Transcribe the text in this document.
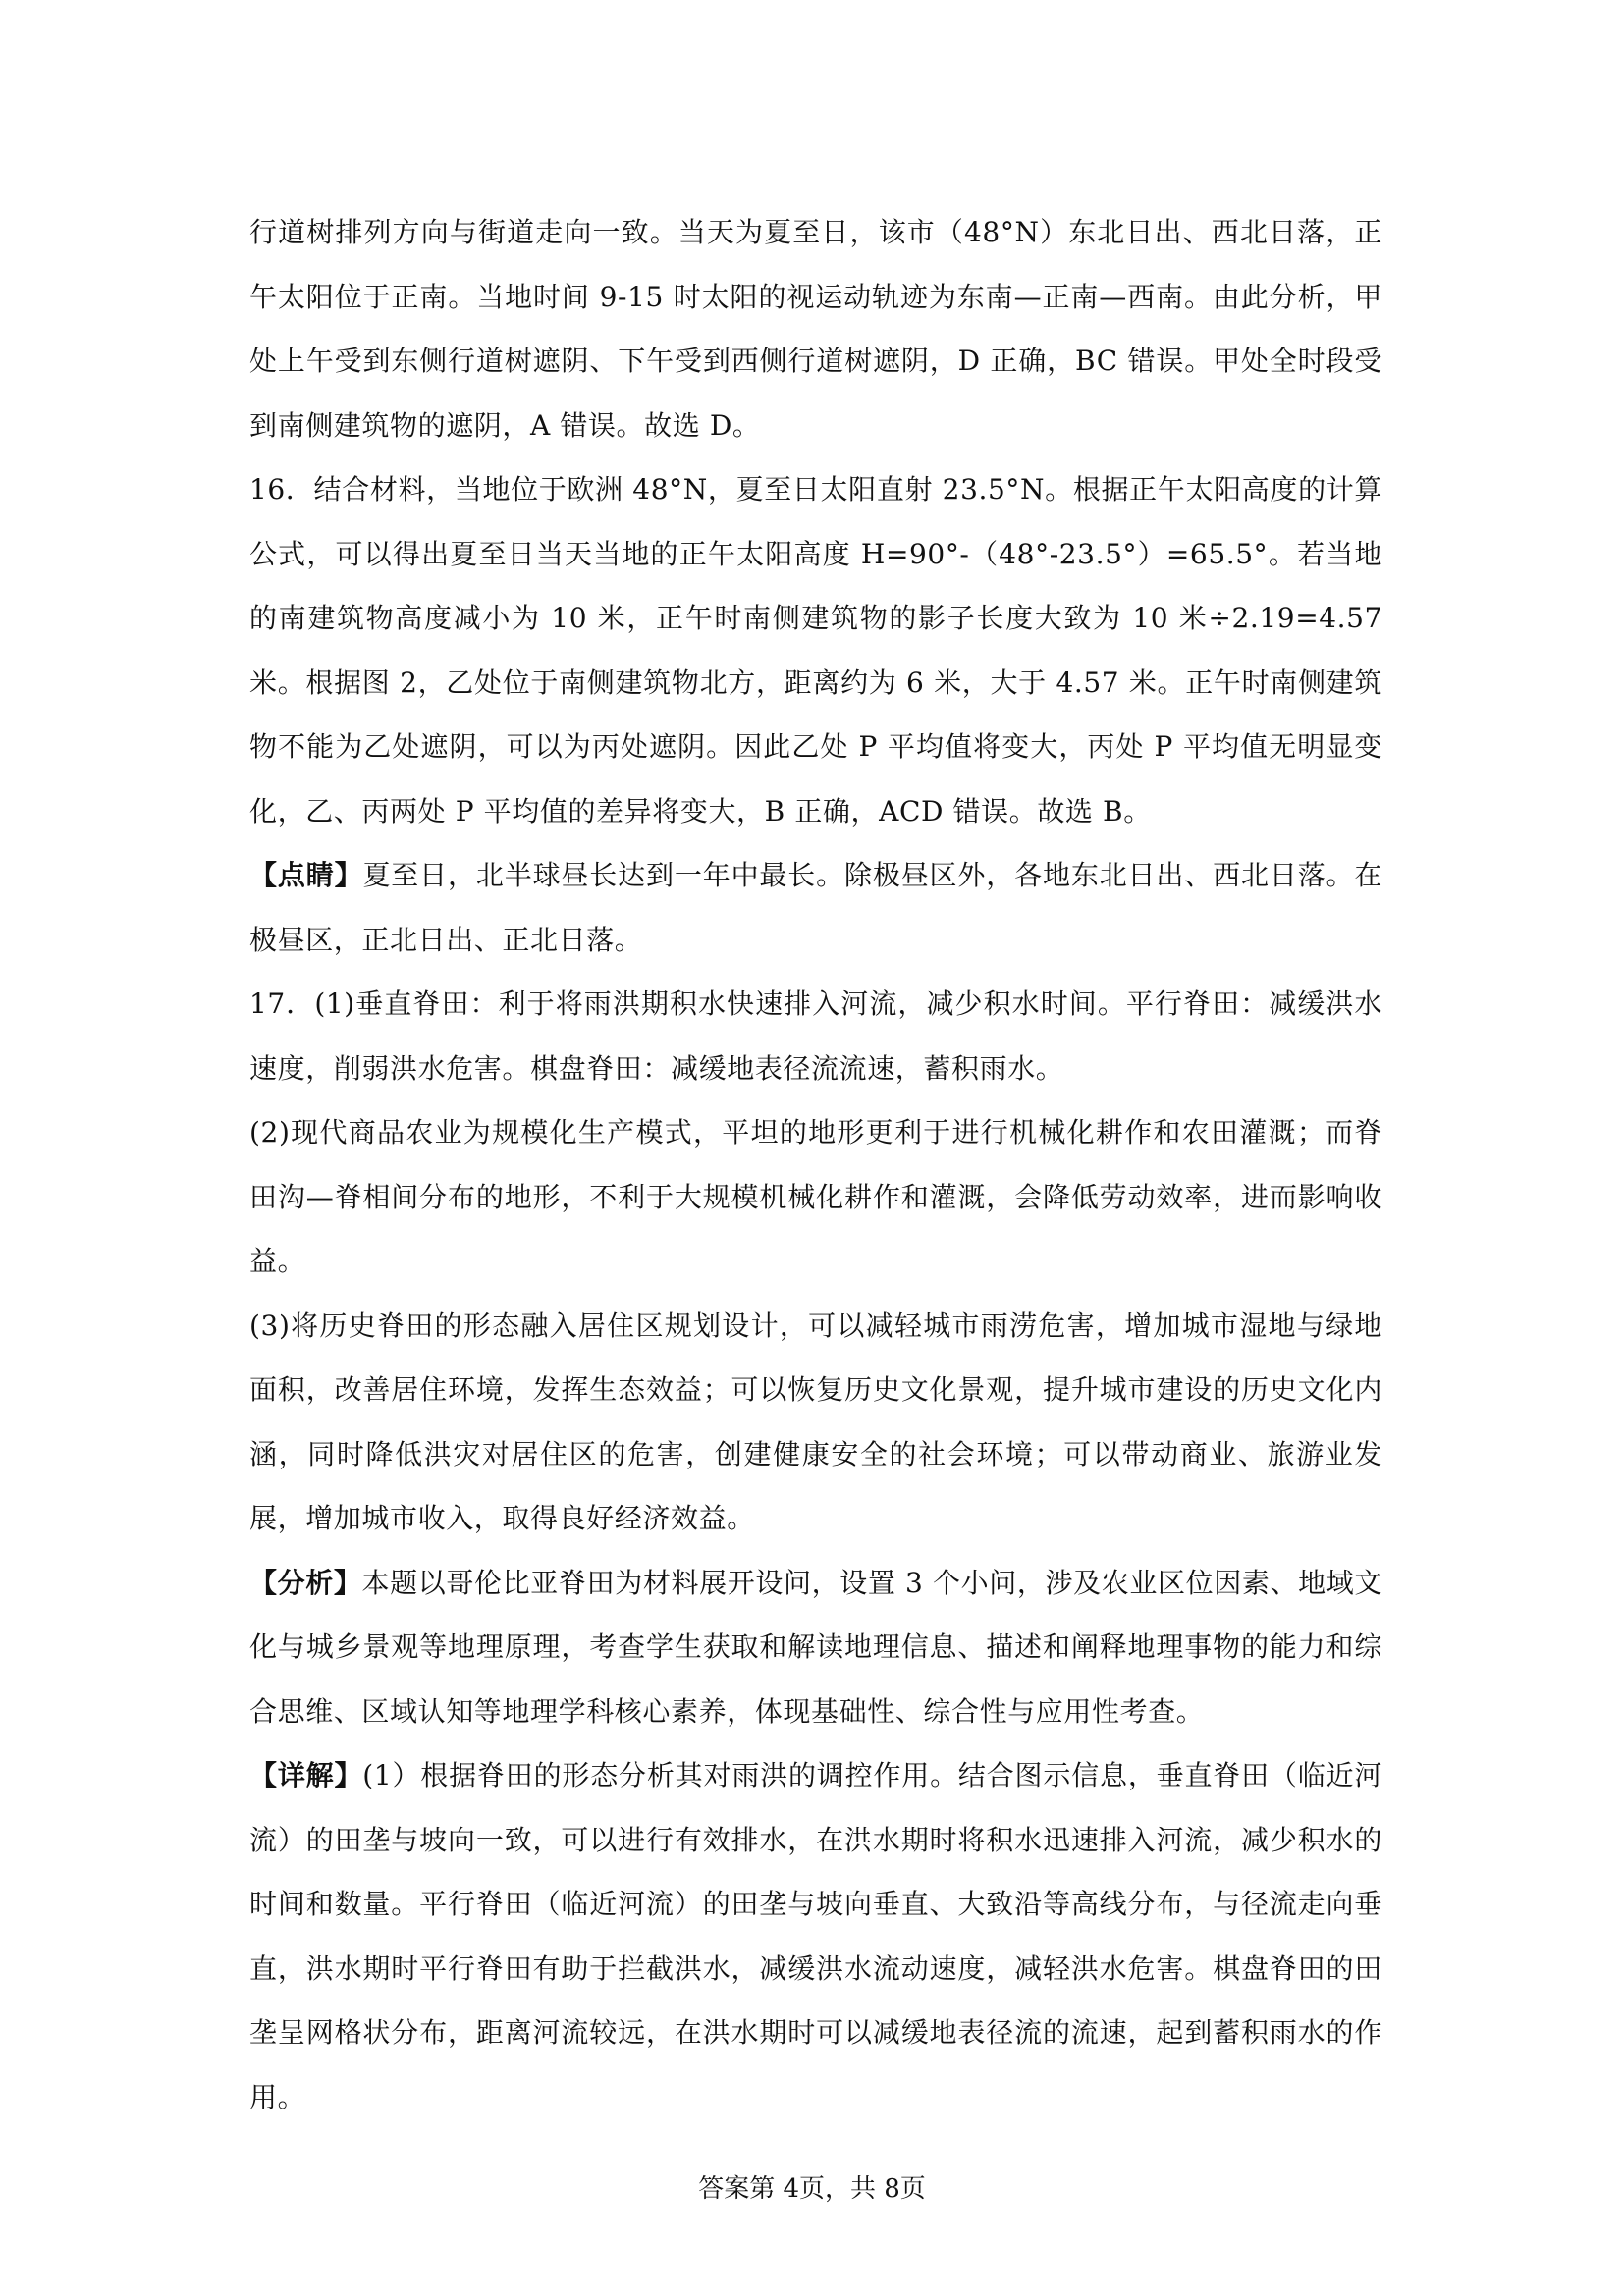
行道树排列方向与街道走向一致。当天为夏至日，该市（48°N）东北日出、西北日落，正午太阳位于正南。当地时间 9-15 时太阳的视运动轨迹为东南—正南—西南。由此分析，甲处上午受到东侧行道树遮阴、下午受到西侧行道树遮阴，D 正确，BC 错误。甲处全时段受到南侧建筑物的遮阴，A 错误。故选 D。

16．结合材料，当地位于欧洲 48°N，夏至日太阳直射 23.5°N。根据正午太阳高度的计算公式，可以得出夏至日当天当地的正午太阳高度 H=90°-（48°-23.5°）=65.5°。若当地的南建筑物高度减小为 10 米，正午时南侧建筑物的影子长度大致为 10 米÷2.19=4.57 米。根据图 2，乙处位于南侧建筑物北方，距离约为 6 米，大于 4.57 米。正午时南侧建筑物不能为乙处遮阴，可以为丙处遮阴。因此乙处 P 平均值将变大，丙处 P 平均值无明显变化，乙、丙两处 P 平均值的差异将变大，B 正确，ACD 错误。故选 B。

【点睛】夏至日，北半球昼长达到一年中最长。除极昼区外，各地东北日出、西北日落。在极昼区，正北日出、正北日落。

17．(1)垂直脊田：利于将雨洪期积水快速排入河流，减少积水时间。平行脊田：减缓洪水速度，削弱洪水危害。棋盘脊田：减缓地表径流流速，蓄积雨水。

(2)现代商品农业为规模化生产模式，平坦的地形更利于进行机械化耕作和农田灌溉；而脊田沟—脊相间分布的地形，不利于大规模机械化耕作和灌溉，会降低劳动效率，进而影响收益。

(3)将历史脊田的形态融入居住区规划设计，可以减轻城市雨涝危害，增加城市湿地与绿地面积，改善居住环境，发挥生态效益；可以恢复历史文化景观，提升城市建设的历史文化内涵，同时降低洪灾对居住区的危害，创建健康安全的社会环境；可以带动商业、旅游业发展，增加城市收入，取得良好经济效益。

【分析】本题以哥伦比亚脊田为材料展开设问，设置 3 个小问，涉及农业区位因素、地域文化与城乡景观等地理原理，考查学生获取和解读地理信息、描述和阐释地理事物的能力和综合思维、区域认知等地理学科核心素养，体现基础性、综合性与应用性考查。

【详解】(1）根据脊田的形态分析其对雨洪的调控作用。结合图示信息，垂直脊田（临近河流）的田垄与坡向一致，可以进行有效排水，在洪水期时将积水迅速排入河流，减少积水的时间和数量。平行脊田（临近河流）的田垄与坡向垂直、大致沿等高线分布，与径流走向垂直，洪水期时平行脊田有助于拦截洪水，减缓洪水流动速度，减轻洪水危害。棋盘脊田的田垄呈网格状分布，距离河流较远，在洪水期时可以减缓地表径流的流速，起到蓄积雨水的作用。

答案第 4页，共 8页
